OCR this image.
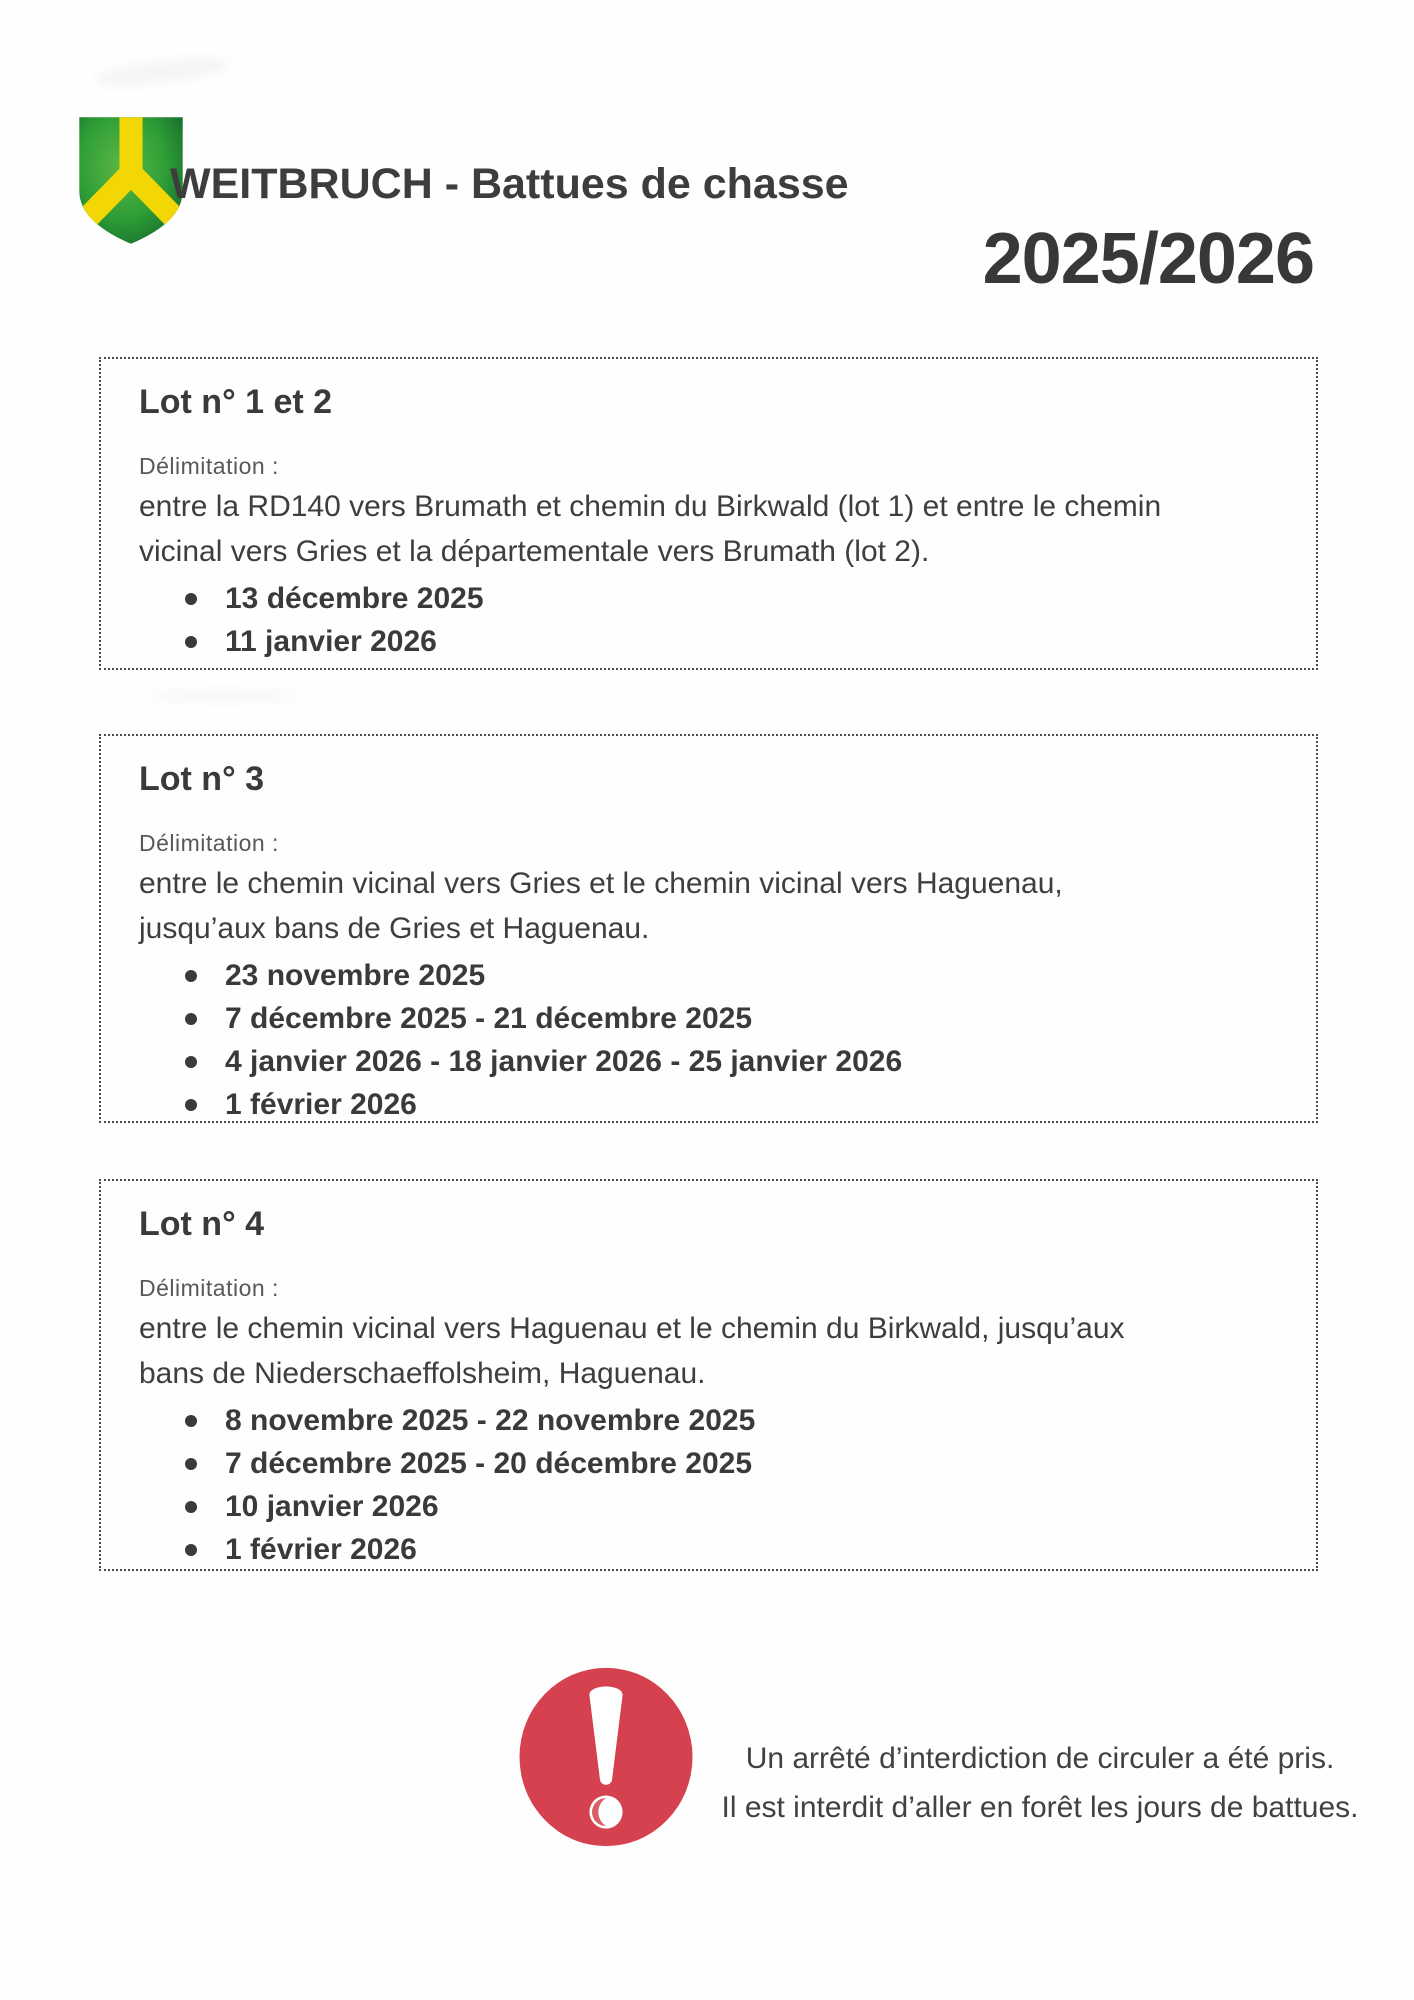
WEITBRUCH - Battues de chasse
2025/2026
Lot n° 1 et 2
Délimitation :
entre la RD140 vers Brumath et chemin du Birkwald (lot 1) et entre le chemin
vicinal vers Gries et la départementale vers Brumath (lot 2).
13 décembre 2025
11 janvier 2026
Lot n° 3
Délimitation :
entre le chemin vicinal vers Gries et le chemin vicinal vers Haguenau,
jusqu’aux bans de Gries et Haguenau.
23 novembre 2025
7 décembre 2025 - 21 décembre 2025
4 janvier 2026 - 18 janvier 2026 - 25 janvier 2026
1 février 2026
Lot n° 4
Délimitation :
entre le chemin vicinal vers Haguenau et le chemin du Birkwald, jusqu’aux
bans de Niederschaeffolsheim, Haguenau.
8 novembre 2025 - 22 novembre 2025
7 décembre 2025 - 20 décembre 2025
10 janvier 2026
1 février 2026
Un arrêté d’interdiction de circuler a été pris.
Il est interdit d’aller en forêt les jours de battues.
